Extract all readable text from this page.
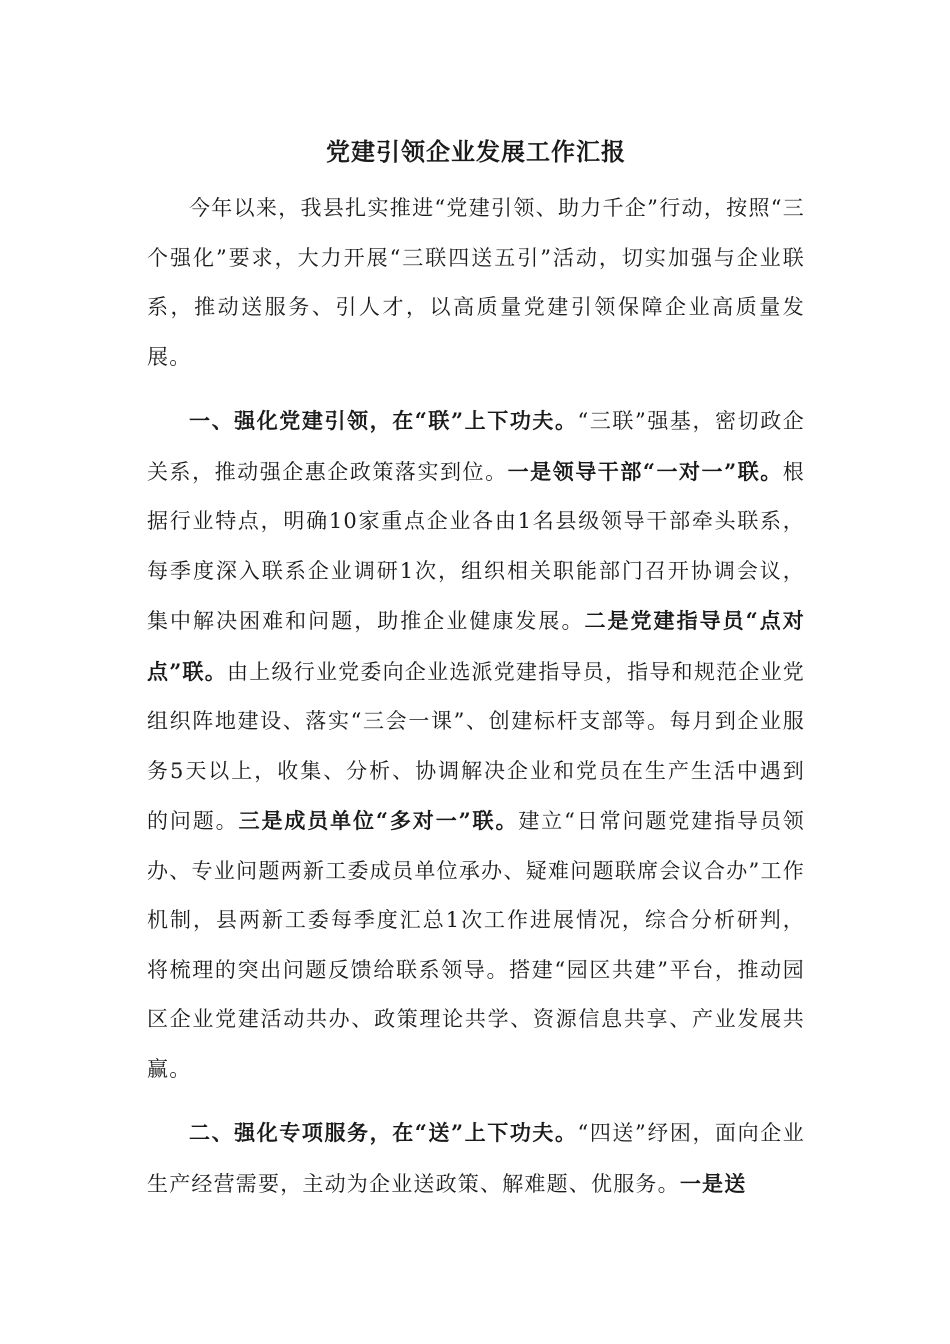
党建引领企业发展工作汇报

今年以来，我县扎实推进“党建引领、助力千企”行动，按照“三个强化”要求，大力开展“三联四送五引”活动，切实加强与企业联系，推动送服务、引人才，以高质量党建引领保障企业高质量发展。

一、强化党建引领，在“联”上下功夫。“三联”强基，密切政企关系，推动强企惠企政策落实到位。一是领导干部“一对一”联。根据行业特点，明确10家重点企业各由1名县级领导干部牵头联系，每季度深入联系企业调研1次，组织相关职能部门召开协调会议，集中解决困难和问题，助推企业健康发展。二是党建指导员“点对点”联。由上级行业党委向企业选派党建指导员，指导和规范企业党组织阵地建设、落实“三会一课”、创建标杆支部等。每月到企业服务5天以上，收集、分析、协调解决企业和党员在生产生活中遇到的问题。三是成员单位“多对一”联。建立“日常问题党建指导员领办、专业问题两新工委成员单位承办、疑难问题联席会议合办”工作机制，县两新工委每季度汇总1次工作进展情况，综合分析研判，将梳理的突出问题反馈给联系领导。搭建“园区共建”平台，推动园区企业党建活动共办、政策理论共学、资源信息共享、产业发展共赢。

二、强化专项服务，在“送”上下功夫。“四送”纾困，面向企业生产经营需要，主动为企业送政策、解难题、优服务。一是送
